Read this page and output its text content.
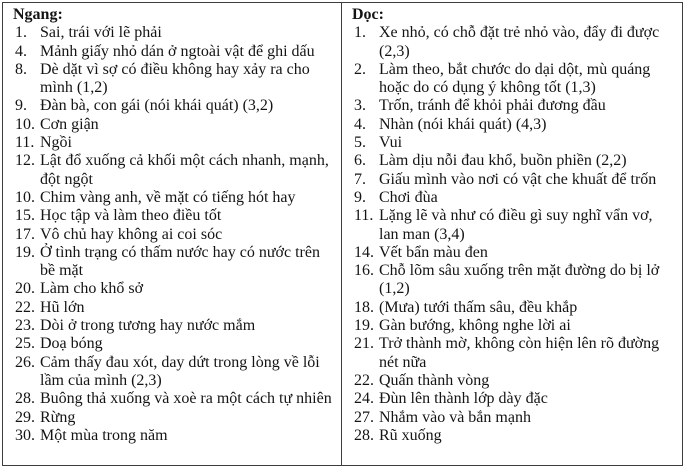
Ngang:
1. Sai, trái với lẽ phải
4. Mảnh giấy nhỏ dán ở ngtoài vật để ghi dấu
8. Dè dặt vì sợ có điều không hay xảy ra cho mình (1,2)
9. Đàn bà, con gái (nói khái quát) (3,2)
10. Cơn giận
11. Ngồi
12. Lật đổ xuống cả khối một cách nhanh, mạnh, đột ngột
10. Chim vàng anh, về mặt có tiếng hót hay
15. Học tập và làm theo điều tốt
17. Vô chủ hay không ai coi sóc
19. Ở tình trạng có thấm nước hay có nước trên bề mặt
20. Làm cho khổ sở
22. Hũ lớn
23. Dòi ở trong tương hay nước mắm
25. Doạ bóng
26. Cảm thấy đau xót, day dứt trong lòng về lỗi lầm của mình (2,3)
28. Buông thả xuống và xoè ra một cách tự nhiên
29. Rừng
30. Một mùa trong năm
Dọc:
1. Xe nhỏ, có chỗ đặt trẻ nhỏ vào, đẩy đi được (2,3)
2. Làm theo, bắt chước do dại dột, mù quáng hoặc do có dụng ý không tốt (1,3)
3. Trốn, tránh để khỏi phải đương đầu
4. Nhàn (nói khái quát) (4,3)
5. Vui
6. Làm dịu nỗi đau khổ, buồn phiền (2,2)
7. Giấu mình vào nơi có vật che khuất để trốn
9. Chơi đùa
11. Lặng lẽ và như có điều gì suy nghĩ vẩn vơ, lan man (3,4)
14. Vết bẩn màu đen
16. Chỗ lõm sâu xuống trên mặt đường do bị lở (1,2)
18. (Mưa) tưới thấm sâu, đều khắp
19. Gàn bướng, không nghe lời ai
21. Trở thành mờ, không còn hiện lên rõ đường nét nữa
22. Quấn thành vòng
24. Đùn lên thành lớp dày đặc
27. Nhắm vào và bắn mạnh
28. Rũ xuống
